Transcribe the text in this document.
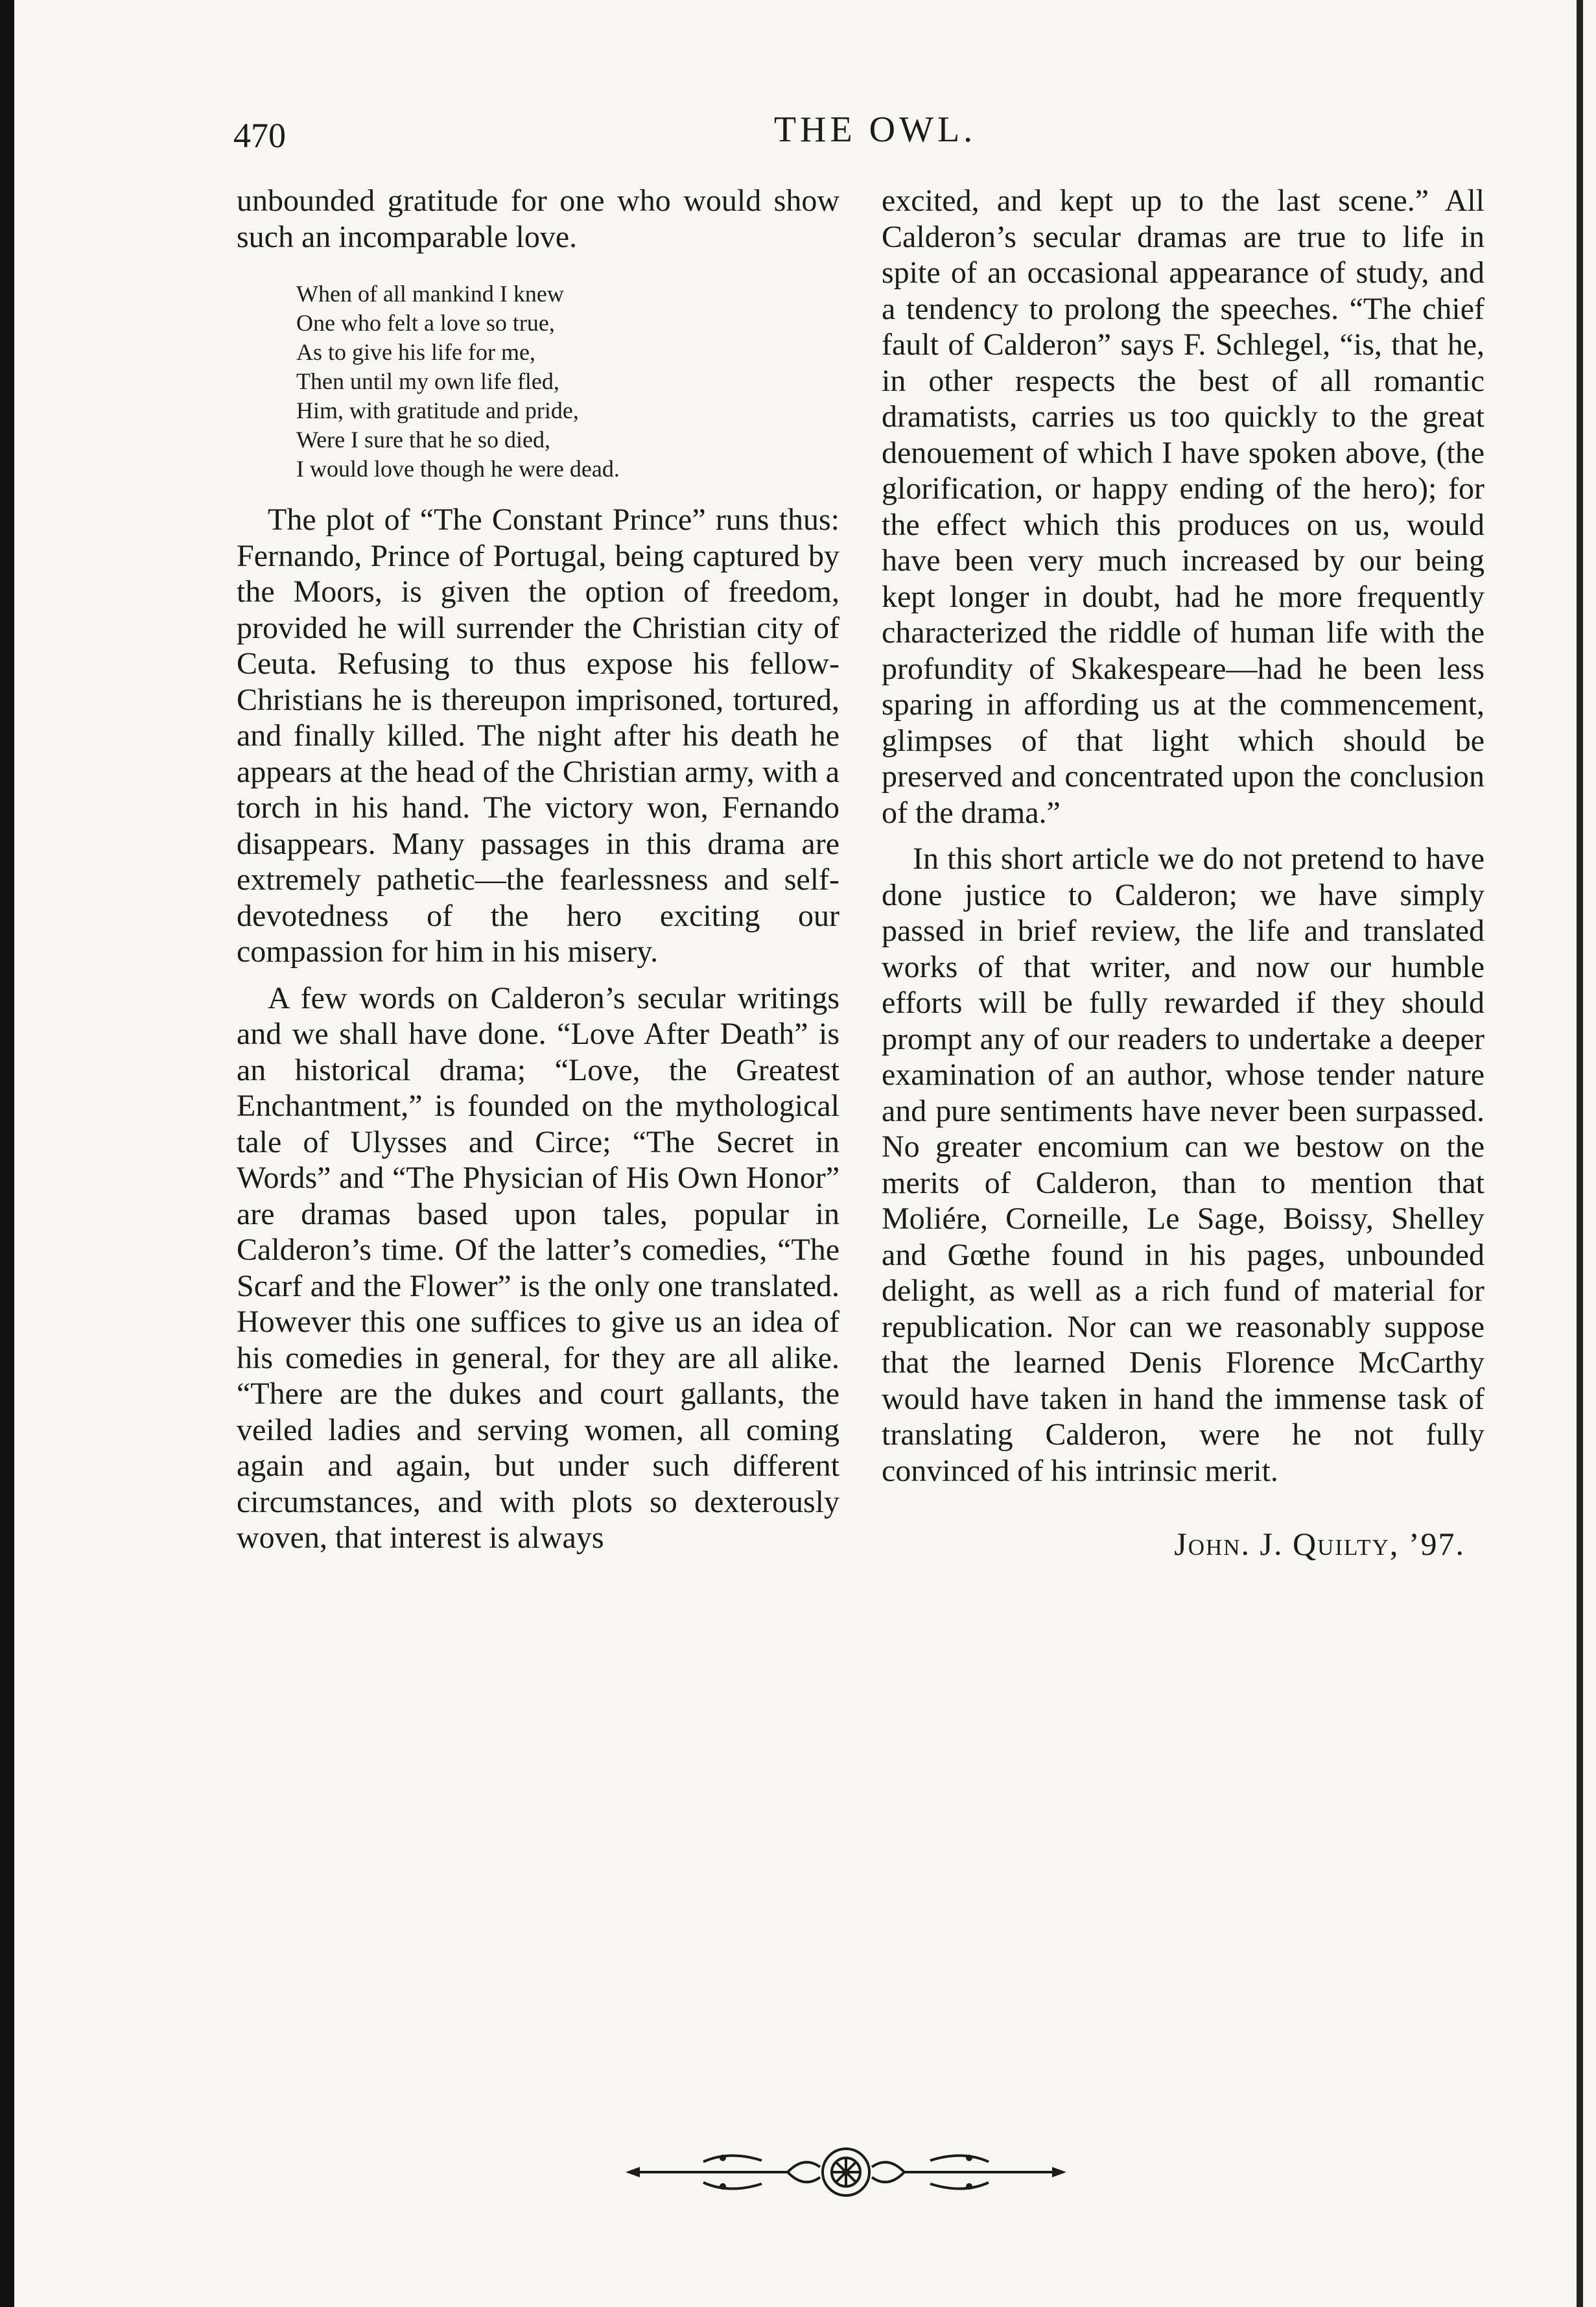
470	THE OWL.

unbounded gratitude for one who would show such an incomparable love.

When of all mankind I knew
One who felt a love so true,
As to give his life for me,
Then until my own life fled,
Him, with gratitude and pride,
Were I sure that he so died,
I would love though he were dead.

The plot of “The Constant Prince” runs thus: Fernando, Prince of Portugal, being captured by the Moors, is given the option of freedom, provided he will surrender the Christian city of Ceuta. Refusing to thus expose his fellow-Christians he is thereupon imprisoned, tortured, and finally killed. The night after his death he appears at the head of the Christian army, with a torch in his hand. The victory won, Fernando disappears. Many passages in this drama are extremely pathetic—the fearlessness and self-devotedness of the hero exciting our compassion for him in his misery.

A few words on Calderon’s secular writings and we shall have done. “Love After Death” is an historical drama; “Love, the Greatest Enchantment,” is founded on the mythological tale of Ulysses and Circe; “The Secret in Words” and “The Physician of His Own Honor” are dramas based upon tales, popular in Calderon’s time. Of the latter’s comedies, “The Scarf and the Flower” is the only one translated. However this one suffices to give us an idea of his comedies in general, for they are all alike. “There are the dukes and court gallants, the veiled ladies and serving women, all coming again and again, but under such different circumstances, and with plots so dexterously woven, that interest is always

excited, and kept up to the last scene.” All Calderon’s secular dramas are true to life in spite of an occasional appearance of study, and a tendency to prolong the speeches. “The chief fault of Calderon” says F. Schlegel, “is, that he, in other respects the best of all romantic dramatists, carries us too quickly to the great denouement of which I have spoken above, (the glorification, or happy ending of the hero); for the effect which this produces on us, would have been very much increased by our being kept longer in doubt, had he more frequently characterized the riddle of human life with the profundity of Skakespeare—had he been less sparing in affording us at the commencement, glimpses of that light which should be preserved and concentrated upon the conclusion of the drama.”

In this short article we do not pretend to have done justice to Calderon; we have simply passed in brief review, the life and translated works of that writer, and now our humble efforts will be fully rewarded if they should prompt any of our readers to undertake a deeper examination of an author, whose tender nature and pure sentiments have never been surpassed. No greater encomium can we bestow on the merits of Calderon, than to mention that Moliére, Corneille, Le Sage, Boissy, Shelley and Gœthe found in his pages, unbounded delight, as well as a rich fund of material for republication. Nor can we reasonably suppose that the learned Denis Florence McCarthy would have taken in hand the immense task of translating Calderon, were he not fully convinced of his intrinsic merit.

John. J. Quilty, ’97.
